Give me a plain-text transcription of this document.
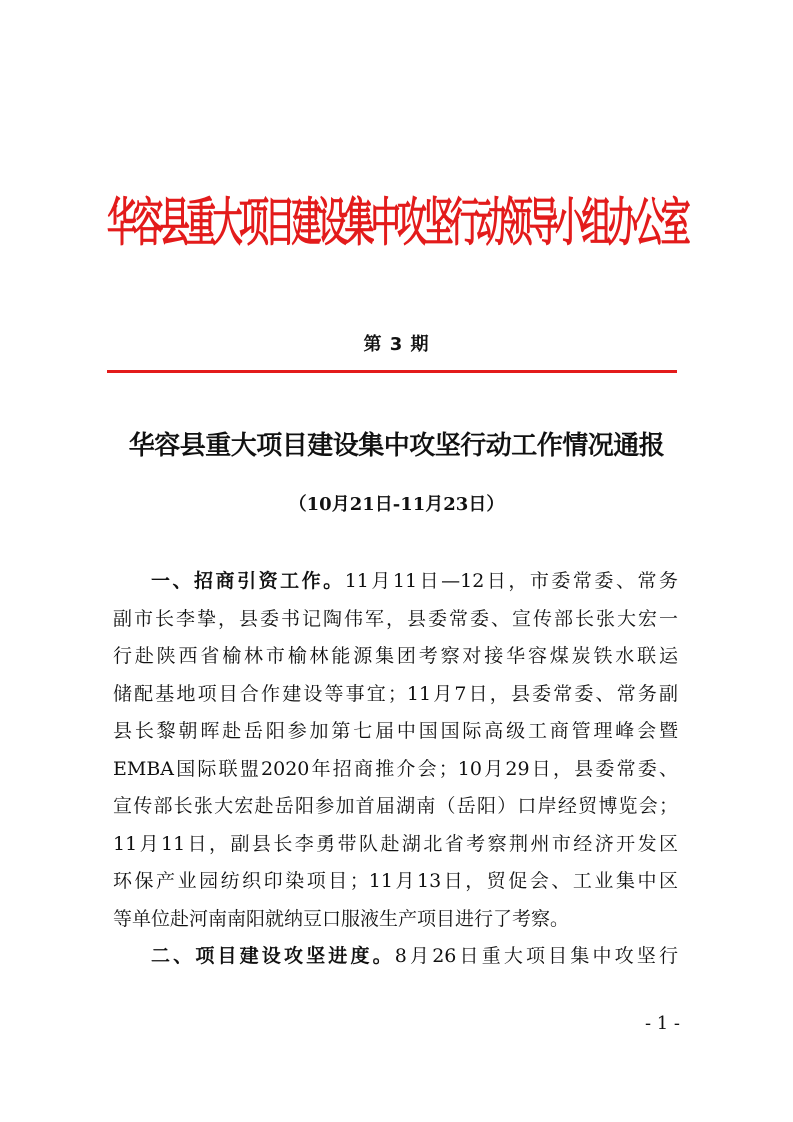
华容县重大项目建设集中攻坚行动领导小组办公室
第 3 期
华容县重大项目建设集中攻坚行动工作情况通报
（10月21日-11月23日）
一、招商引资工作。11月11日—12日，市委常委、常务
副市长李挚，县委书记陶伟军，县委常委、宣传部长张大宏一
行赴陕西省榆林市榆林能源集团考察对接华容煤炭铁水联运
储配基地项目合作建设等事宜；11月7日，县委常委、常务副
县长黎朝晖赴岳阳参加第七届中国国际高级工商管理峰会暨
EMBA国际联盟2020年招商推介会；10月29日，县委常委、
宣传部长张大宏赴岳阳参加首届湖南（岳阳）口岸经贸博览会；
11月11日，副县长李勇带队赴湖北省考察荆州市经济开发区
环保产业园纺织印染项目；11月13日，贸促会、工业集中区
等单位赴河南南阳就纳豆口服液生产项目进行了考察。
二、项目建设攻坚进度。8月26日重大项目集中攻坚行
- 1 -
